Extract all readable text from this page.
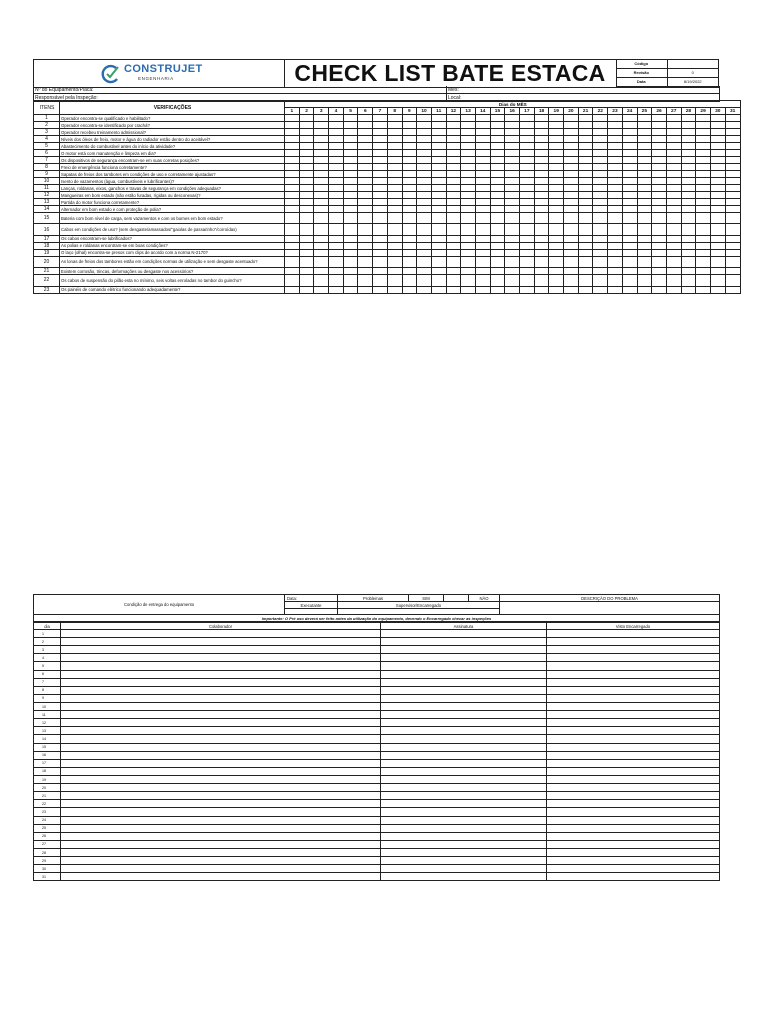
CONSTRUJET
ENGENHARIA	CHECK LIST BATE ESTACA	Código	
Revisão	0
Data	8/19/2022
Nº do Equipamento/Placa:	Mês:
Responsável pela Inspeção:	Local:
ITENS	VERIFICAÇÕES	Dias do MÊS																														
		1	2	3	4	5	6	7	8	9	10	11	12	13	14	15	16	17	18	19	20	21	22	23	24	25	26	27	28	29	30	31
1	Operador encontra-se qualificado e habilitado?																															
2	Operador encontra-se identificado por crachá?																															
3	Operador recebeu treinamento admissional?																															
4	Níveis dos óleos de freio, motor e água do radiador estão dentro do aceitável?																															
5	Abastecimento do combustível antes do início da atividade?																															
6	O motor está com manutenção e limpeza em dia?																															
7	Os dispositivos de segurança encontram-se em suas corretas posições?																															
8	Freio de emergência funciona corretamente?																															
9	Sapatas de freios dos tambores em condições de uso e corretamente ajustadas?																															
10	Isento de vazamentos (água, combustíveis e lubrificantes)?																															
11	Lanças, roldanas, eixos, ganchos e travas de segurança em condições adequadas?																															
12	Mangueiras em bom estado (não estão furadas, rígidas ou desconexas)?																															
13	Partida do motor funciona corretamente?																															
14	Alternador em bom estado e com proteção de polia?																															
15	Bateria com bom nível de carga, sem vazamentos e com os bornes em bom estado?																															
16	Cabos em condições de uso? (sem desgaste/amassados/"gaiolas de passarinho"/corroídas)																															
17	Os cabos encontram-se lubrificados?																															
18	As polias e roldanas encontram-se em boas condições?																															
19	O laço (olhal) encontra-se presos com clips de acordo com a norma N-2170?																															
20	As lonas de freios dos tambores estão em condições normas de utilização e sem desgaste acentuado?																															
21	Existem corrosão, trincas, deformações ou desgaste nos acessórios?																															
22	Os cabos de suspensão do pilão esta no mínimo, seis voltas enroladas no tambor do guincho?																															
23	Os painéis de comando elétrico funcionando adequadamente?																															
Condição de entrega do equipamento	Data:	Problemas	SIM		NÃO	DESCRIÇÃO DO PROBLEMA
	Executante	Supervisor/Encarregado				

Importante: O Pré uso deverá ser feito antes da utilização do equipamento, devendo o Encarregado checar as inspeções						
dia	Colaborador	Assinatura	Visto Encarregado
1			
2			
3			
4			
5			
6			
7			
8			
9			
10			
11			
12			
13			
14			
15			
16			
17			
18			
19			
20			
21			
22			
23			
24			
25			
26			
27			
28			
29			
30			
31			
